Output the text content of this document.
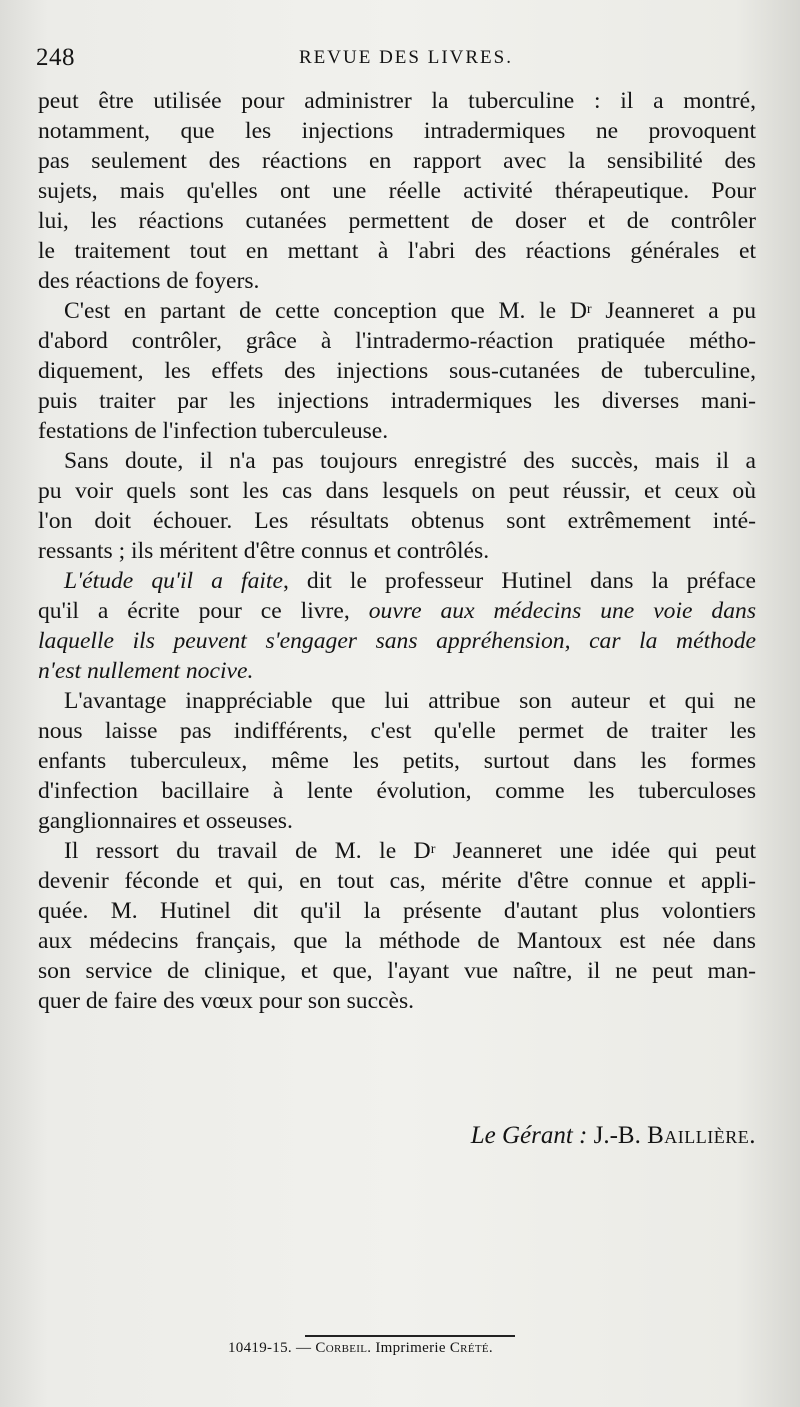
248	REVUE DES LIVRES.
peut être utilisée pour administrer la tuberculine : il a montré,
notamment, que les injections intradermiques ne provoquent
pas seulement des réactions en rapport avec la sensibilité des
sujets, mais qu'elles ont une réelle activité thérapeutique. Pour
lui, les réactions cutanées permettent de doser et de contrôler
le traitement tout en mettant à l'abri des réactions générales et
des réactions de foyers.
C'est en partant de cette conception que M. le $D^r$ Jeanneret a pu
d'abord contrôler, grâce à l'intradermo-réaction pratiquée métho-
diquement, les effets des injections sous-cutanées de tuberculine,
puis traiter par les injections intradermiques les diverses mani-
festations de l'infection tuberculeuse.
Sans doute, il n'a pas toujours enregistré des succès, mais il a
pu voir quels sont les cas dans lesquels on peut réussir, et ceux où
l'on doit échouer. Les résultats obtenus sont extrêmement inté-
ressants ; ils méritent d'être connus et contrôlés.
L'étude qu'il a faite, dit le professeur Hutinel dans la préface
qu'il a écrite pour ce livre, ouvre aux médecins une voie dans
laquelle ils peuvent s'engager sans appréhension, car la méthode
n'est nullement nocive.
L'avantage inappréciable que lui attribue son auteur et qui ne
nous laisse pas indifférents, c'est qu'elle permet de traiter les
enfants tuberculeux, même les petits, surtout dans les formes
d'infection bacillaire à lente évolution, comme les tuberculoses
ganglionnaires et osseuses.
Il ressort du travail de M. le $D^r$ Jeanneret une idée qui peut
devenir féconde et qui, en tout cas, mérite d'être connue et appli-
quée. M. Hutinel dit qu'il la présente d'autant plus volontiers
aux médecins français, que la méthode de Mantoux est née dans
son service de clinique, et que, l'ayant vue naître, il ne peut man-
quer de faire des vœux pour son succès.
Le Gérant : J.-B. Baillière.
10419-15. — Corbeil. Imprimerie Crété.
